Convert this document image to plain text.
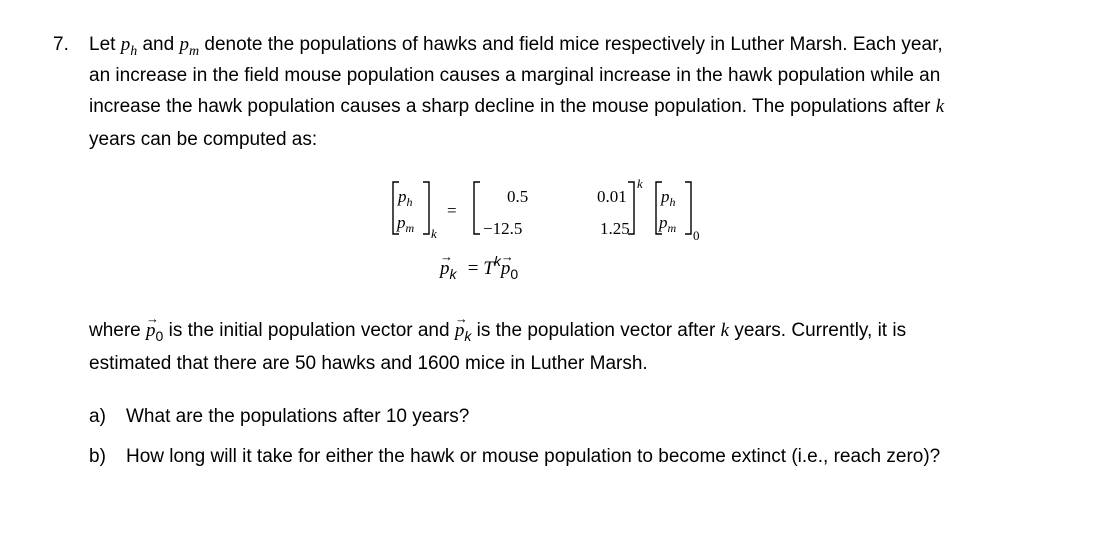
7. Let $p_h$ and $p_m$ denote the populations of hawks and field mice respectively in Luther Marsh. Each year,
an increase in the field mouse population causes a marginal increase in the hawk population while an
increase the hawk population causes a sharp decline in the mouse population. The populations after k
years can be computed as:
$p_h$
$p_m$ k
=
0.5	0.01
−12.5	1.25
k
$p_h$
$p_m$ 0
→ $p_k = T^k\to p_0$
where → $p_0$ is the initial population vector and → $p_k$ is the population vector after k years. Currently, it is
estimated that there are 50 hawks and 1600 mice in Luther Marsh.
a) What are the populations after 10 years?
b) How long will it take for either the hawk or mouse population to become extinct (i.e., reach zero)?
